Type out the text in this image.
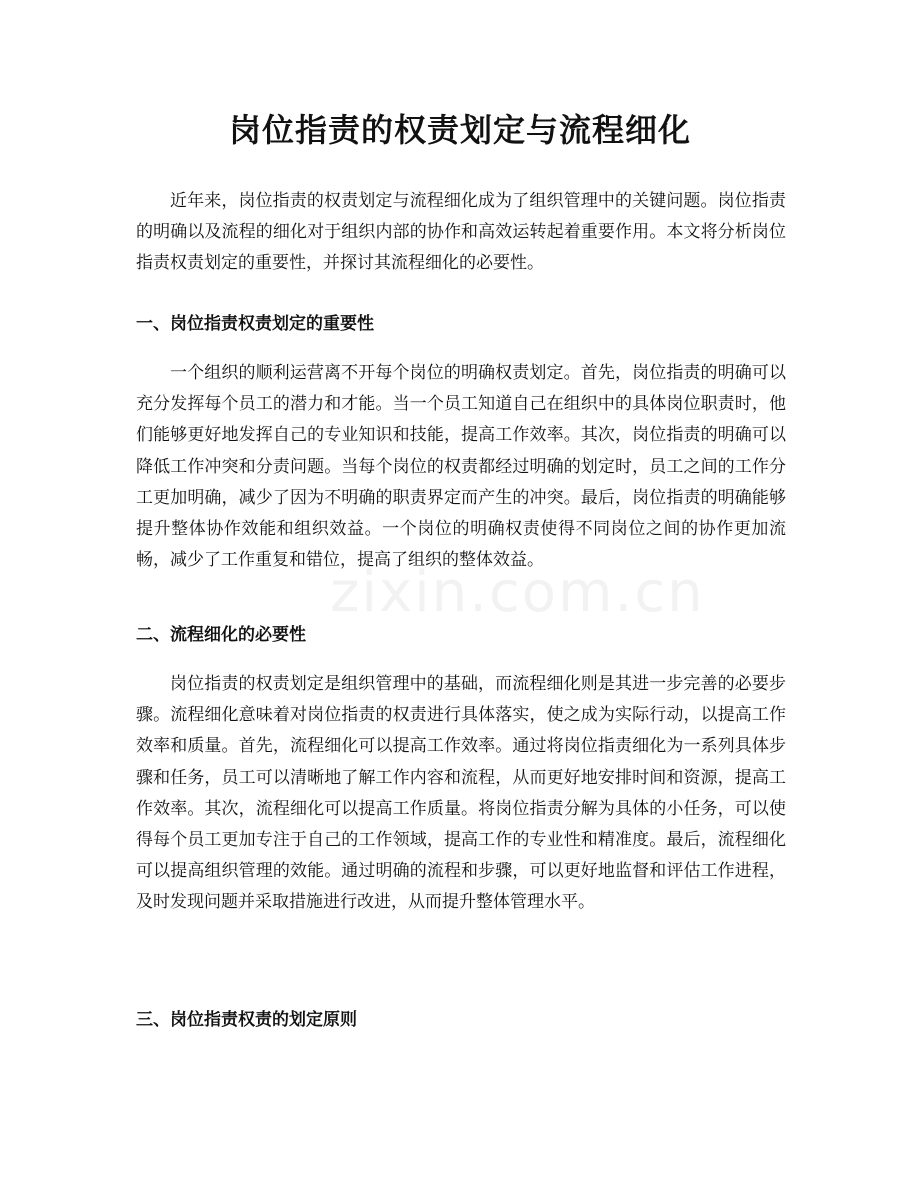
岗位指责的权责划定与流程细化

近年来，岗位指责的权责划定与流程细化成为了组织管理中的关键问题。岗位指责的明确以及流程的细化对于组织内部的协作和高效运转起着重要作用。本文将分析岗位指责权责划定的重要性，并探讨其流程细化的必要性。

一、岗位指责权责划定的重要性

一个组织的顺利运营离不开每个岗位的明确权责划定。首先，岗位指责的明确可以充分发挥每个员工的潜力和才能。当一个员工知道自己在组织中的具体岗位职责时，他们能够更好地发挥自己的专业知识和技能，提高工作效率。其次，岗位指责的明确可以降低工作冲突和分责问题。当每个岗位的权责都经过明确的划定时，员工之间的工作分工更加明确，减少了因为不明确的职责界定而产生的冲突。最后，岗位指责的明确能够提升整体协作效能和组织效益。一个岗位的明确权责使得不同岗位之间的协作更加流畅，减少了工作重复和错位，提高了组织的整体效益。

二、流程细化的必要性

岗位指责的权责划定是组织管理中的基础，而流程细化则是其进一步完善的必要步骤。流程细化意味着对岗位指责的权责进行具体落实，使之成为实际行动，以提高工作效率和质量。首先，流程细化可以提高工作效率。通过将岗位指责细化为一系列具体步骤和任务，员工可以清晰地了解工作内容和流程，从而更好地安排时间和资源，提高工作效率。其次，流程细化可以提高工作质量。将岗位指责分解为具体的小任务，可以使得每个员工更加专注于自己的工作领域，提高工作的专业性和精准度。最后，流程细化可以提高组织管理的效能。通过明确的流程和步骤，可以更好地监督和评估工作进程，及时发现问题并采取措施进行改进，从而提升整体管理水平。

三、岗位指责权责的划定原则
zixin.com.cn
